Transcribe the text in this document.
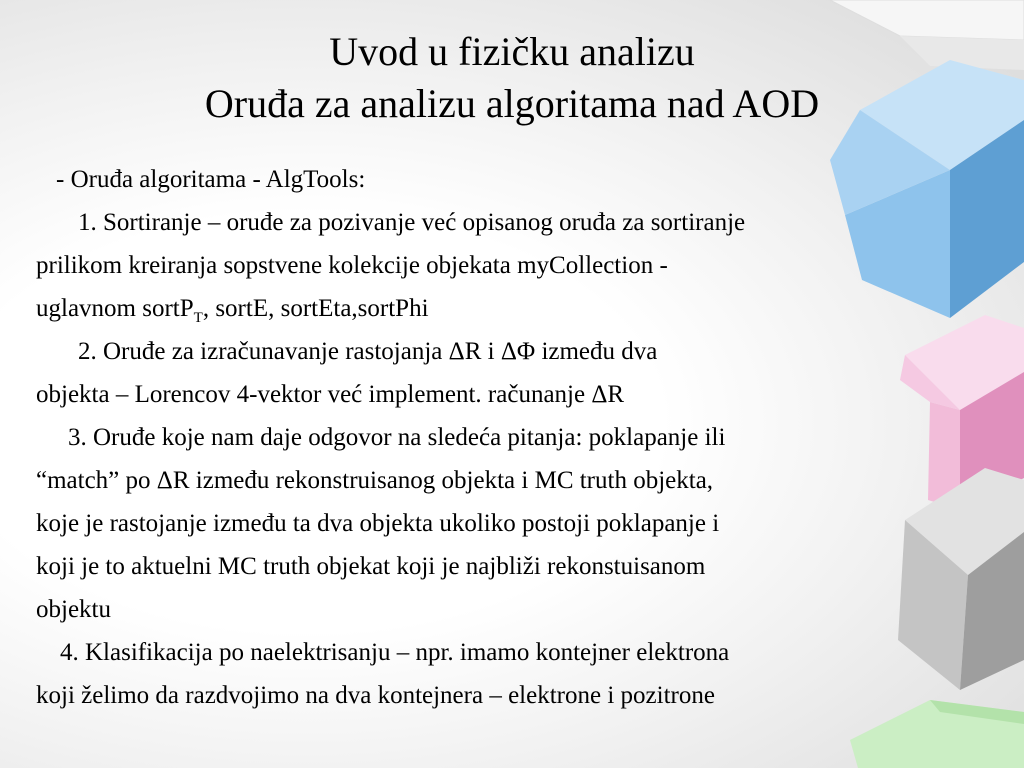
Uvod u fizičku analizu
Oruđa za analizu algoritama nad AOD
- Oruđa algoritama - AlgTools:
1. Sortiranje – oruđe za pozivanje već opisanog oruđa za sortiranje
prilikom kreiranja sopstvene kolekcije objekata myCollection -
uglavnom sortP$_T$, sortE, sortEta,sortPhi
2. Oruđe za izračunavanje rastojanja ΔR i ΔΦ između dva
objekta – Lorencov 4-vektor već implement. računanje ΔR
3. Oruđe koje nam daje odgovor na sledeća pitanja: poklapanje ili
“match” po ΔR između rekonstruisanog objekta i MC truth objekta,
koje je rastojanje između ta dva objekta ukoliko postoji poklapanje i
koji je to aktuelni MC truth objekat koji je najbliži rekonstuisanom
objektu
4. Klasifikacija po naelektrisanju – npr. imamo kontejner elektrona
koji želimo da razdvojimo na dva kontejnera – elektrone i pozitrone
